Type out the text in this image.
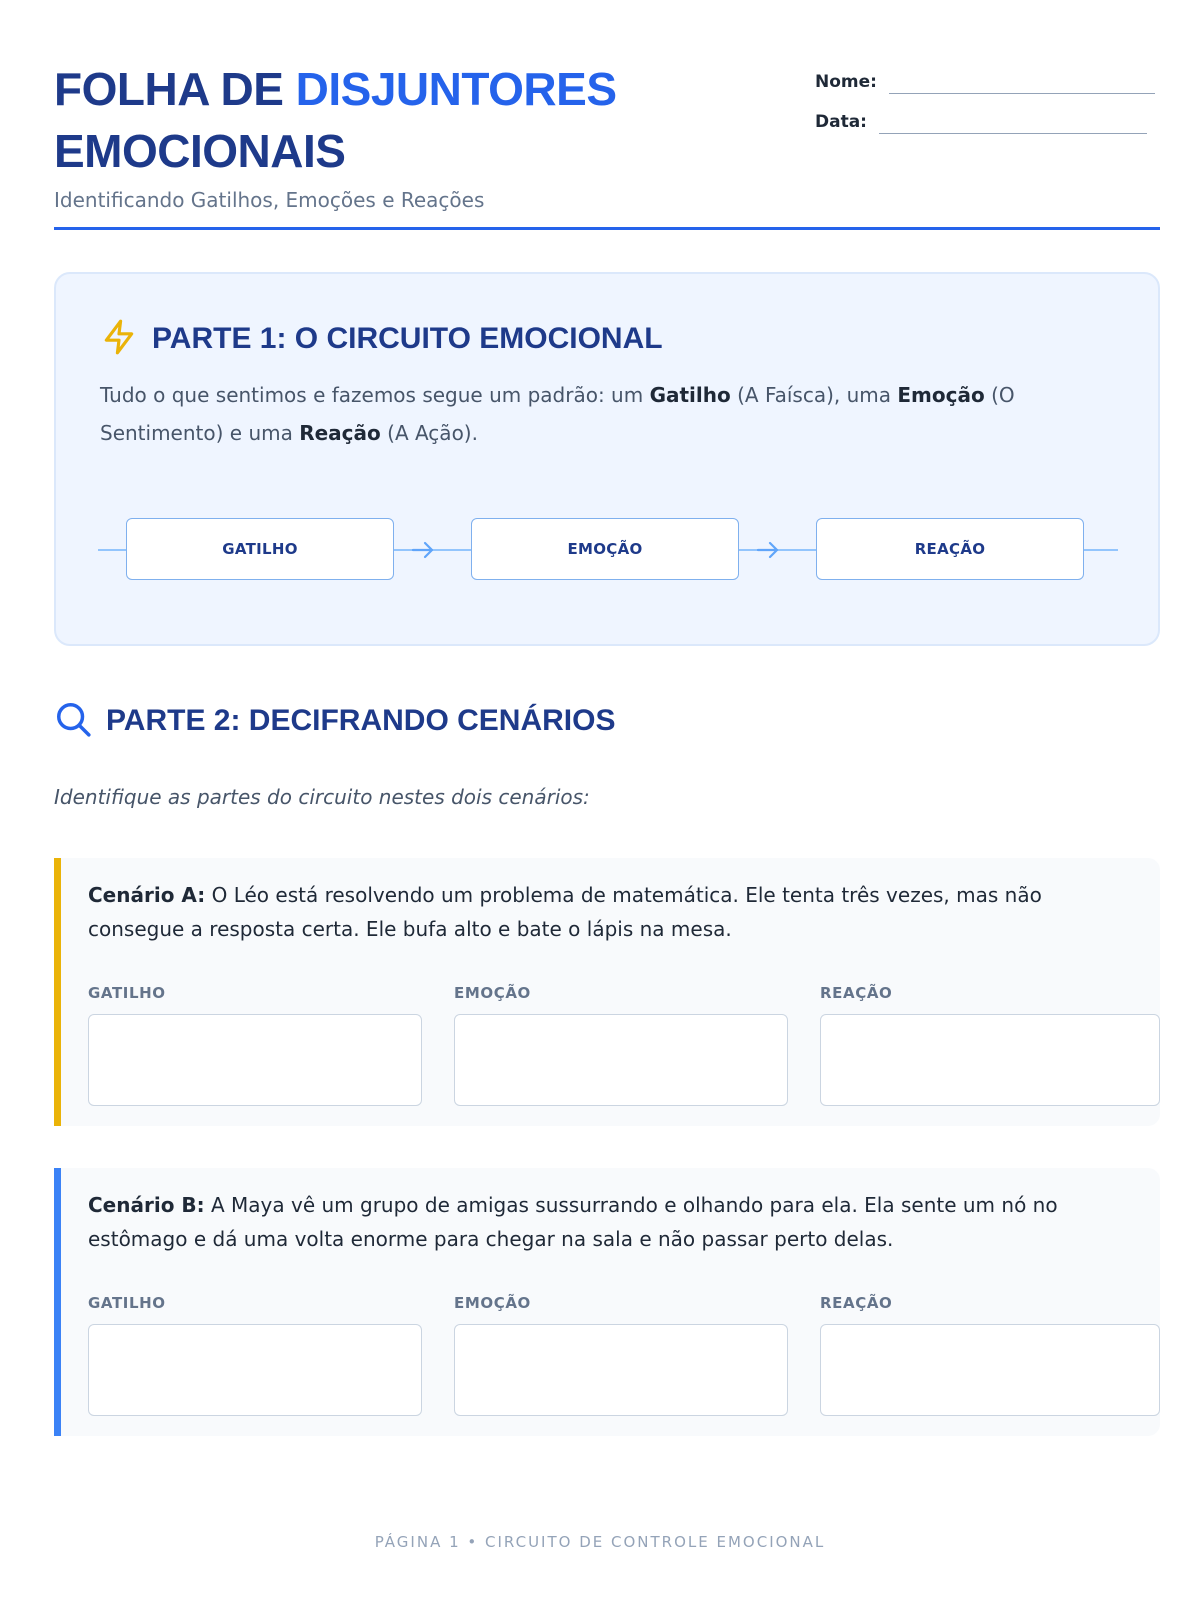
FOLHA DE DISJUNTORES
EMOCIONAIS
Identificando Gatilhos, Emoções e Reações
Nome:
Data:
PARTE 1: O CIRCUITO EMOCIONAL
Tudo o que sentimos e fazemos segue um padrão: um Gatilho (A Faísca), uma Emoção (O Sentimento) e uma Reação (A Ação).
GATILHO	EMOÇÃO	REAÇÃO
PARTE 2: DECIFRANDO CENÁRIOS
Identifique as partes do circuito nestes dois cenários:
Cenário A: O Léo está resolvendo um problema de matemática. Ele tenta três vezes, mas não consegue a resposta certa. Ele bufa alto e bate o lápis na mesa.
GATILHO	EMOÇÃO	REAÇÃO
Cenário B: A Maya vê um grupo de amigas sussurrando e olhando para ela. Ela sente um nó no estômago e dá uma volta enorme para chegar na sala e não passar perto delas.
GATILHO	EMOÇÃO	REAÇÃO
PÁGINA 1 • CIRCUITO DE CONTROLE EMOCIONAL
